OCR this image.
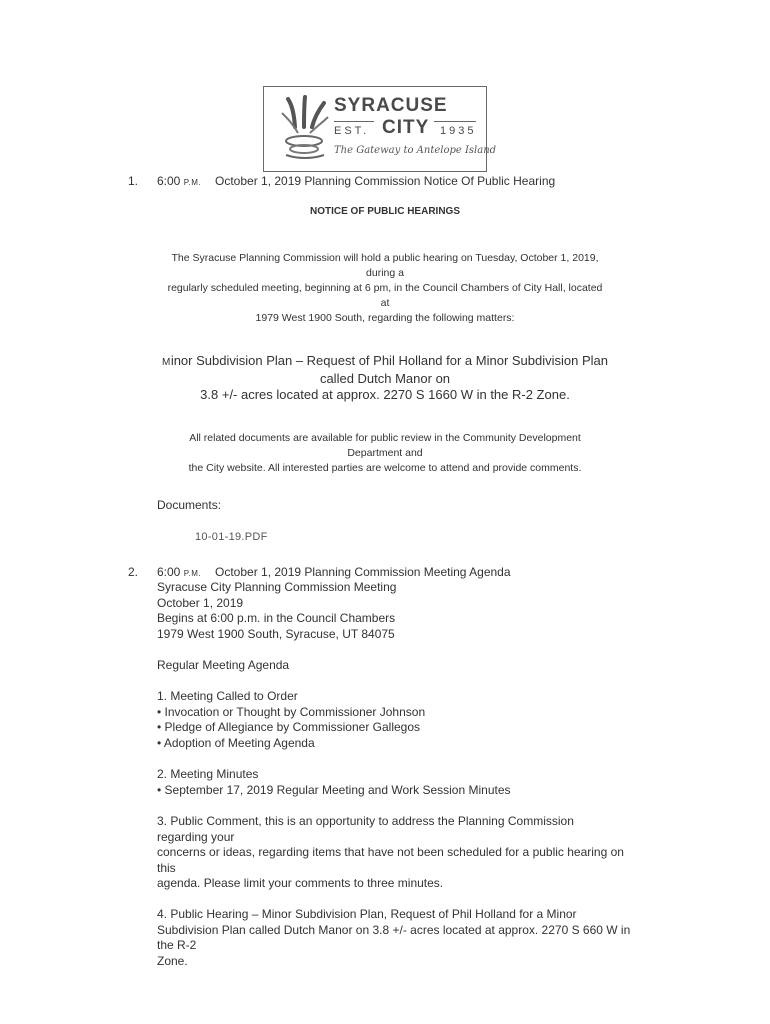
SYRACUSE
EST. CITY 1935
The Gateway to Antelope Island
1. 6:00 P.M. October 1, 2019 Planning Commission Notice Of Public Hearing
NOTICE OF PUBLIC HEARINGS
The Syracuse Planning Commission will hold a public hearing on Tuesday, October 1, 2019,
during a
regularly scheduled meeting, beginning at 6 pm, in the Council Chambers of City Hall, located
at
1979 West 1900 South, regarding the following matters:
Minor Subdivision Plan – Request of Phil Holland for a Minor Subdivision Plan
called Dutch Manor on
3.8 +/- acres located at approx. 2270 S 1660 W in the R-2 Zone.
All related documents are available for public review in the Community Development
Department and
the City website. All interested parties are welcome to attend and provide comments.
Documents:
10-01-19.PDF
2. 6:00 P.M. October 1, 2019 Planning Commission Meeting Agenda
Syracuse City Planning Commission Meeting
October 1, 2019
Begins at 6:00 p.m. in the Council Chambers
1979 West 1900 South, Syracuse, UT 84075
Regular Meeting Agenda
1. Meeting Called to Order
• Invocation or Thought by Commissioner Johnson
• Pledge of Allegiance by Commissioner Gallegos
• Adoption of Meeting Agenda
2. Meeting Minutes
• September 17, 2019 Regular Meeting and Work Session Minutes
3. Public Comment, this is an opportunity to address the Planning Commission
regarding your
concerns or ideas, regarding items that have not been scheduled for a public hearing on
this
agenda. Please limit your comments to three minutes.
4. Public Hearing – Minor Subdivision Plan, Request of Phil Holland for a Minor
Subdivision Plan called Dutch Manor on 3.8 +/- acres located at approx. 2270 S 660 W in
the R-2
Zone.
